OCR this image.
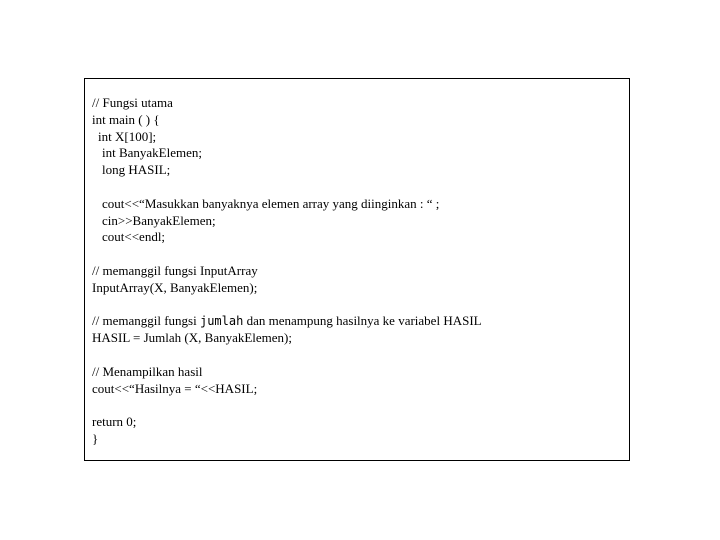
// Fungsi utama
int main ( ) {
int X[100];
int BanyakElemen;
long HASIL;
cout<<“Masukkan banyaknya elemen array yang diinginkan : “ ;
cin>>BanyakElemen;
cout<<endl;
// memanggil fungsi InputArray
InputArray(X, BanyakElemen);
// memanggil fungsi jumlah dan menampung hasilnya ke variabel HASIL
HASIL = Jumlah (X, BanyakElemen);
// Menampilkan hasil
cout<<“Hasilnya = “<<HASIL;
return 0;
}
